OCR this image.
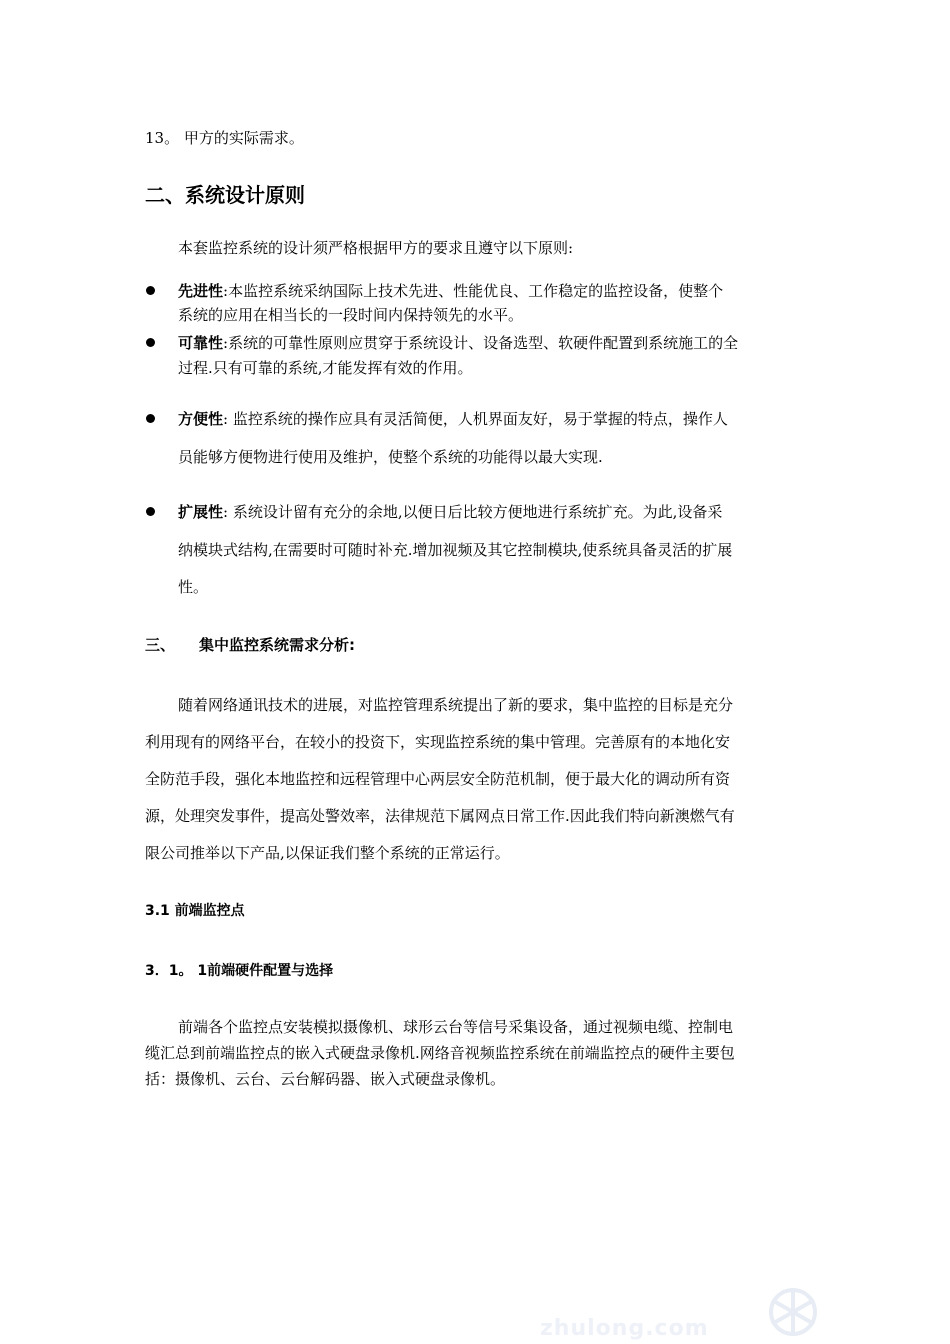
13。 甲方的实际需求。
二、系统设计原则
本套监控系统的设计须严格根据甲方的要求且遵守以下原则:
先进性:本监控系统采纳国际上技术先进、性能优良、工作稳定的监控设备，使整个
系统的应用在相当长的一段时间内保持领先的水平。
可靠性:系统的可靠性原则应贯穿于系统设计、设备选型、软硬件配置到系统施工的全
过程.只有可靠的系统,才能发挥有效的作用。
方便性: 监控系统的操作应具有灵活简便，人机界面友好，易于掌握的特点，操作人
员能够方便物进行使用及维护，使整个系统的功能得以最大实现.
扩展性: 系统设计留有充分的余地,以便日后比较方便地进行系统扩充。为此,设备采
纳模块式结构,在需要时可随时补充.增加视频及其它控制模块,使系统具备灵活的扩展
性。
三、 集中监控系统需求分析:
随着网络通讯技术的进展，对监控管理系统提出了新的要求，集中监控的目标是充分
利用现有的网络平台，在较小的投资下，实现监控系统的集中管理。完善原有的本地化安
全防范手段，强化本地监控和远程管理中心两层安全防范机制，便于最大化的调动所有资
源，处理突发事件，提高处警效率，法律规范下属网点日常工作.因此我们特向新澳燃气有
限公司推举以下产品,以保证我们整个系统的正常运行。
3.1 前端监控点
3．1。 1前端硬件配置与选择
前端各个监控点安装模拟摄像机、球形云台等信号采集设备，通过视频电缆、控制电
缆汇总到前端监控点的嵌入式硬盘录像机.网络音视频监控系统在前端监控点的硬件主要包
括：摄像机、云台、云台解码器、嵌入式硬盘录像机。
zhulong.com
